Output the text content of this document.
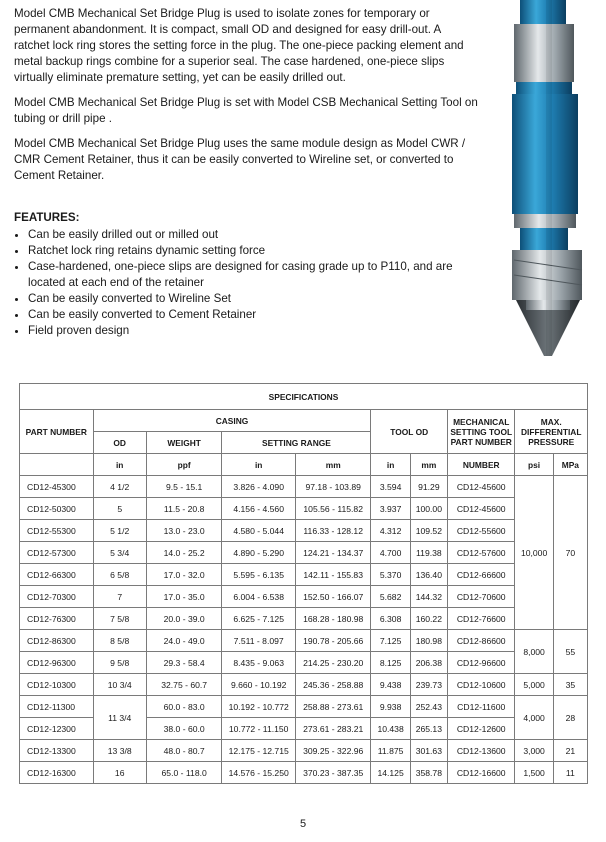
Model CMB Mechanical Set Bridge Plug is used to isolate zones for temporary or permanent abandonment. It is compact, small OD and designed for easy drill-out. A ratchet lock ring stores the setting force in the plug. The one-piece packing element and metal backup rings combine for a superior seal. The case hardened, one-piece slips virtually eliminate premature setting, yet can be easily drilled out.

Model CMB Mechanical Set Bridge Plug is set with Model CSB Mechanical Setting Tool on tubing or drill pipe .

Model CMB Mechanical Set Bridge Plug uses the same module design as Model CWR / CMR Cement Retainer, thus it can be easily converted to Wireline set, or converted to Cement Retainer.

FEATURES:
• Can be easily drilled out or milled out
• Ratchet lock ring retains dynamic setting force
• Case-hardened, one-piece slips are designed for casing grade up to P110, and are located at each end of the retainer
• Can be easily converted to Wireline Set
• Can be easily converted to Cement Retainer
• Field proven design
SPECIFICATIONS									
PART NUMBER	CASING				TOOL OD		MECHANICAL SETTING TOOL PART NUMBER	MAX. DIFFERENTIAL PRESSURE	
	OD	WEIGHT	SETTING RANGE						

	in	ppf	in	mm	in	mm	NUMBER	psi	MPa
CD12-45300	4 1/2	9.5 - 15.1	3.826 - 4.090	97.18 - 103.89	3.594	91.29	CD12-45600	10,000	70
CD12-50300	5	11.5 - 20.8	4.156 - 4.560	105.56 - 115.82	3.937	100.00	CD12-45600		
CD12-55300	5 1/2	13.0 - 23.0	4.580 - 5.044	116.33 - 128.12	4.312	109.52	CD12-55600		
CD12-57300	5 3/4	14.0 - 25.2	4.890 - 5.290	124.21 - 134.37	4.700	119.38	CD12-57600		
CD12-66300	6 5/8	17.0 - 32.0	5.595 - 6.135	142.11 - 155.83	5.370	136.40	CD12-66600		
CD12-70300	7	17.0 - 35.0	6.004 - 6.538	152.50 - 166.07	5.682	144.32	CD12-70600		
CD12-76300	7 5/8	20.0 - 39.0	6.625 - 7.125	168.28 - 180.98	6.308	160.22	CD12-76600		
CD12-86300	8 5/8	24.0 - 49.0	7.511 - 8.097	190.78 - 205.66	7.125	180.98	CD12-86600	8,000	55
CD12-96300	9 5/8	29.3 - 58.4	8.435 - 9.063	214.25 - 230.20	8.125	206.38	CD12-96600		
CD12-10300	10 3/4	32.75 - 60.7	9.660 - 10.192	245.36 - 258.88	9.438	239.73	CD12-10600	5,000	35
CD12-11300	11 3/4	60.0 - 83.0	10.192 - 10.772	258.88 - 273.61	9.938	252.43	CD12-11600	4,000	28
CD12-12300		38.0 - 60.0	10.772 - 11.150	273.61 - 283.21	10.438	265.13	CD12-12600		
CD12-13300	13 3/8	48.0 - 80.7	12.175 - 12.715	309.25 - 322.96	11.875	301.63	CD12-13600	3,000	21
CD12-16300	16	65.0 - 118.0	14.576 - 15.250	370.23 - 387.35	14.125	358.78	CD12-16600	1,500	11
5
